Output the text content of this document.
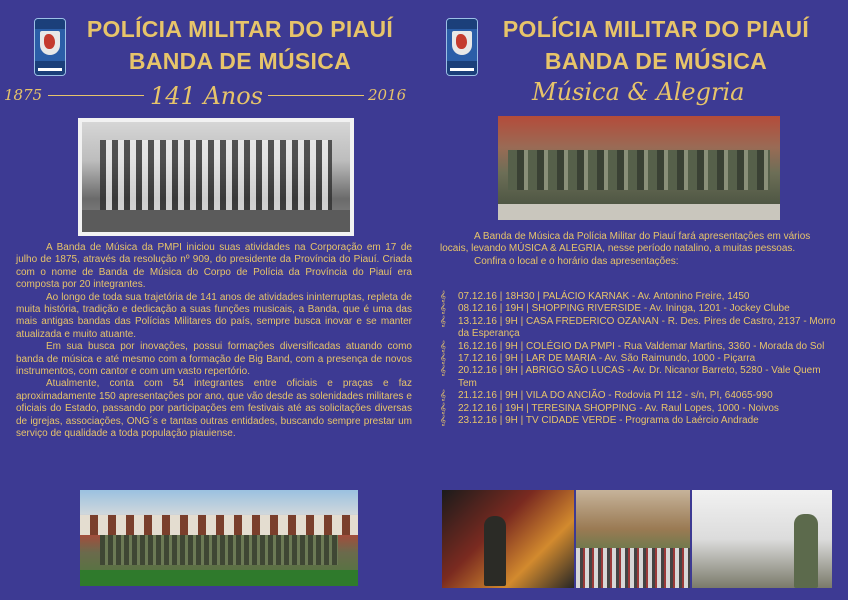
POLÍCIA MILITAR DO PIAUÍ
BANDA DE MÚSICA
1875	141 Anos	2016

A Banda de Música da PMPI iniciou suas atividades na Corporação em 17 de julho de 1875, através da resolução nº 909, do presidente da Província do Piauí. Criada com o nome de Banda de Música do Corpo de Polícia da Província do Piauí era composta por 20 integrantes.

Ao longo de toda sua trajetória de 141 anos de atividades ininterruptas, repleta de muita história, tradição e dedicação a suas funções musicais, a Banda, que é uma das mais antigas bandas das Polícias Militares do país, sempre busca inovar e se manter atualizada e muito atuante.

Em sua busca por inovações, possui formações diversificadas atuando como banda de música e até mesmo com a formação de Big Band, com a presença de novos instrumentos, com cantor e com um vasto repertório.

Atualmente, conta com 54 integrantes entre oficiais e praças e faz aproximadamente 150 apresentações por ano, que vão desde as solenidades militares e oficiais do Estado, passando por participações em festivais até as solicitações diversas de igrejas, associações, ONG´s e tantas outras entidades, buscando sempre prestar um serviço de qualidade a toda população piauiense.

POLÍCIA MILITAR DO PIAUÍ
BANDA DE MÚSICA
Música & Alegria

A Banda de Música da Polícia Militar do Piauí fará apresentações em vários locais, levando MÚSICA & ALEGRIA, nesse período natalino, a muitas pessoas.

Confira o local e o horário das apresentações:

𝄞 07.12.16 | 18H30 | PALÁCIO KARNAK - Av. Antonino Freire, 1450
𝄞 08.12.16 | 19H | SHOPPING RIVERSIDE - Av. Ininga, 1201 - Jockey Clube
𝄞 13.12.16 | 9H | CASA FREDERICO OZANAN - R. Des. Pires de Castro, 2137 - Morro da Esperança
𝄞 16.12.16 | 9H | COLÉGIO DA PMPI - Rua Valdemar Martins, 3360 - Morada do Sol
𝄞 17.12.16 | 9H | LAR DE MARIA - Av. São Raimundo, 1000 - Piçarra
𝄞 20.12.16 | 9H | ABRIGO SÃO LUCAS - Av. Dr. Nicanor Barreto, 5280 - Vale Quem Tem
𝄞 21.12.16 | 9H | VILA DO ANCIÃO - Rodovia PI 112 - s/n, PI, 64065-990
𝄞 22.12.16 | 19H | TERESINA SHOPPING - Av. Raul Lopes, 1000 - Noivos
𝄞 23.12.16 | 9H | TV CIDADE VERDE - Programa do Laércio Andrade
